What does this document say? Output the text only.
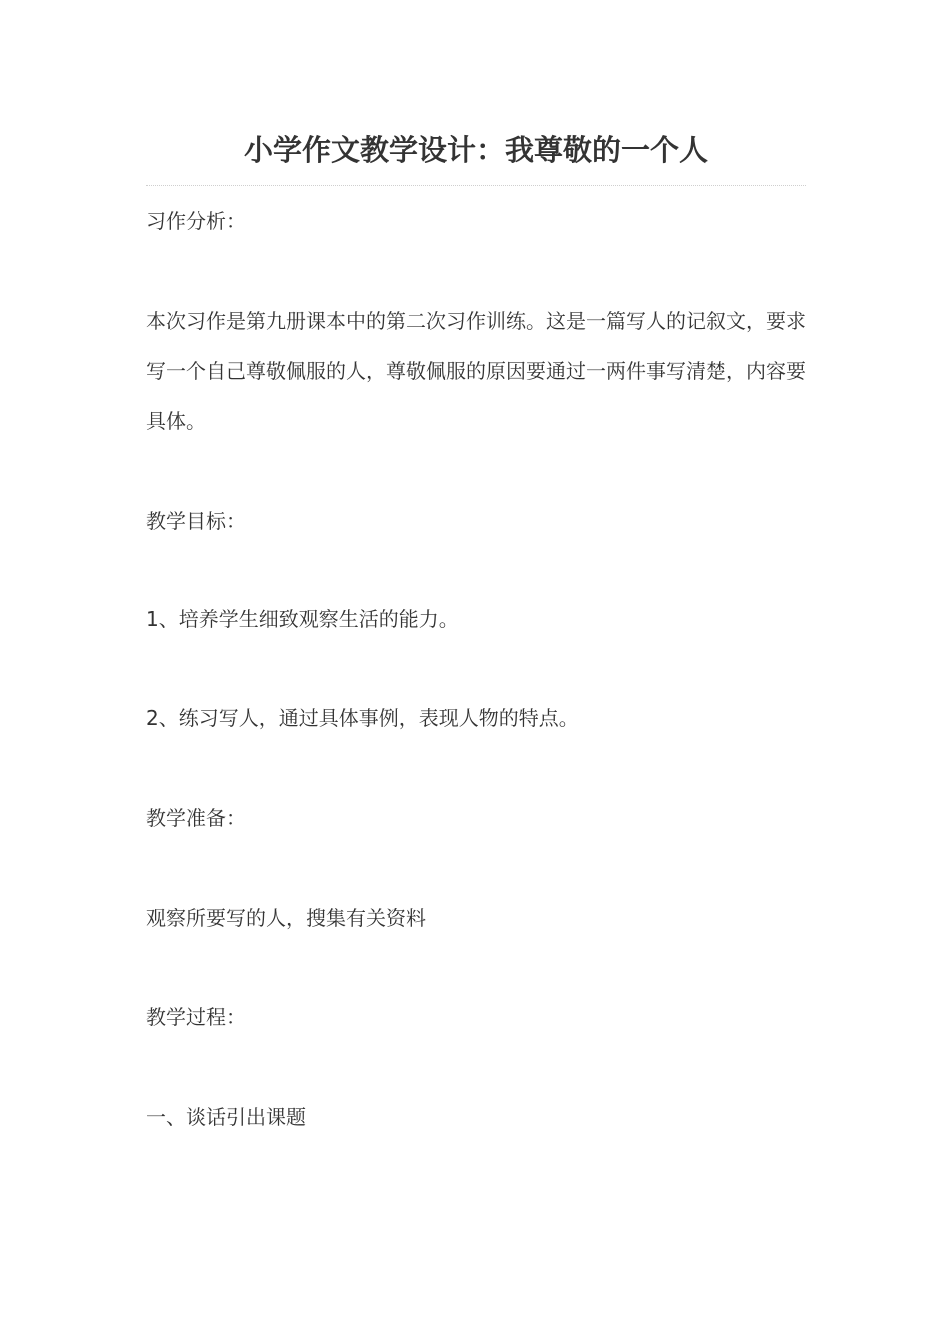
小学作文教学设计：我尊敬的一个人

习作分析：

本次习作是第九册课本中的第二次习作训练。这是一篇写人的记叙文，要求写一个自己尊敬佩服的人，尊敬佩服的原因要通过一两件事写清楚，内容要具体。

教学目标：

1、培养学生细致观察生活的能力。

2、练习写人，通过具体事例，表现人物的特点。

教学准备：

观察所要写的人，搜集有关资料

教学过程：

一、谈话引出课题
